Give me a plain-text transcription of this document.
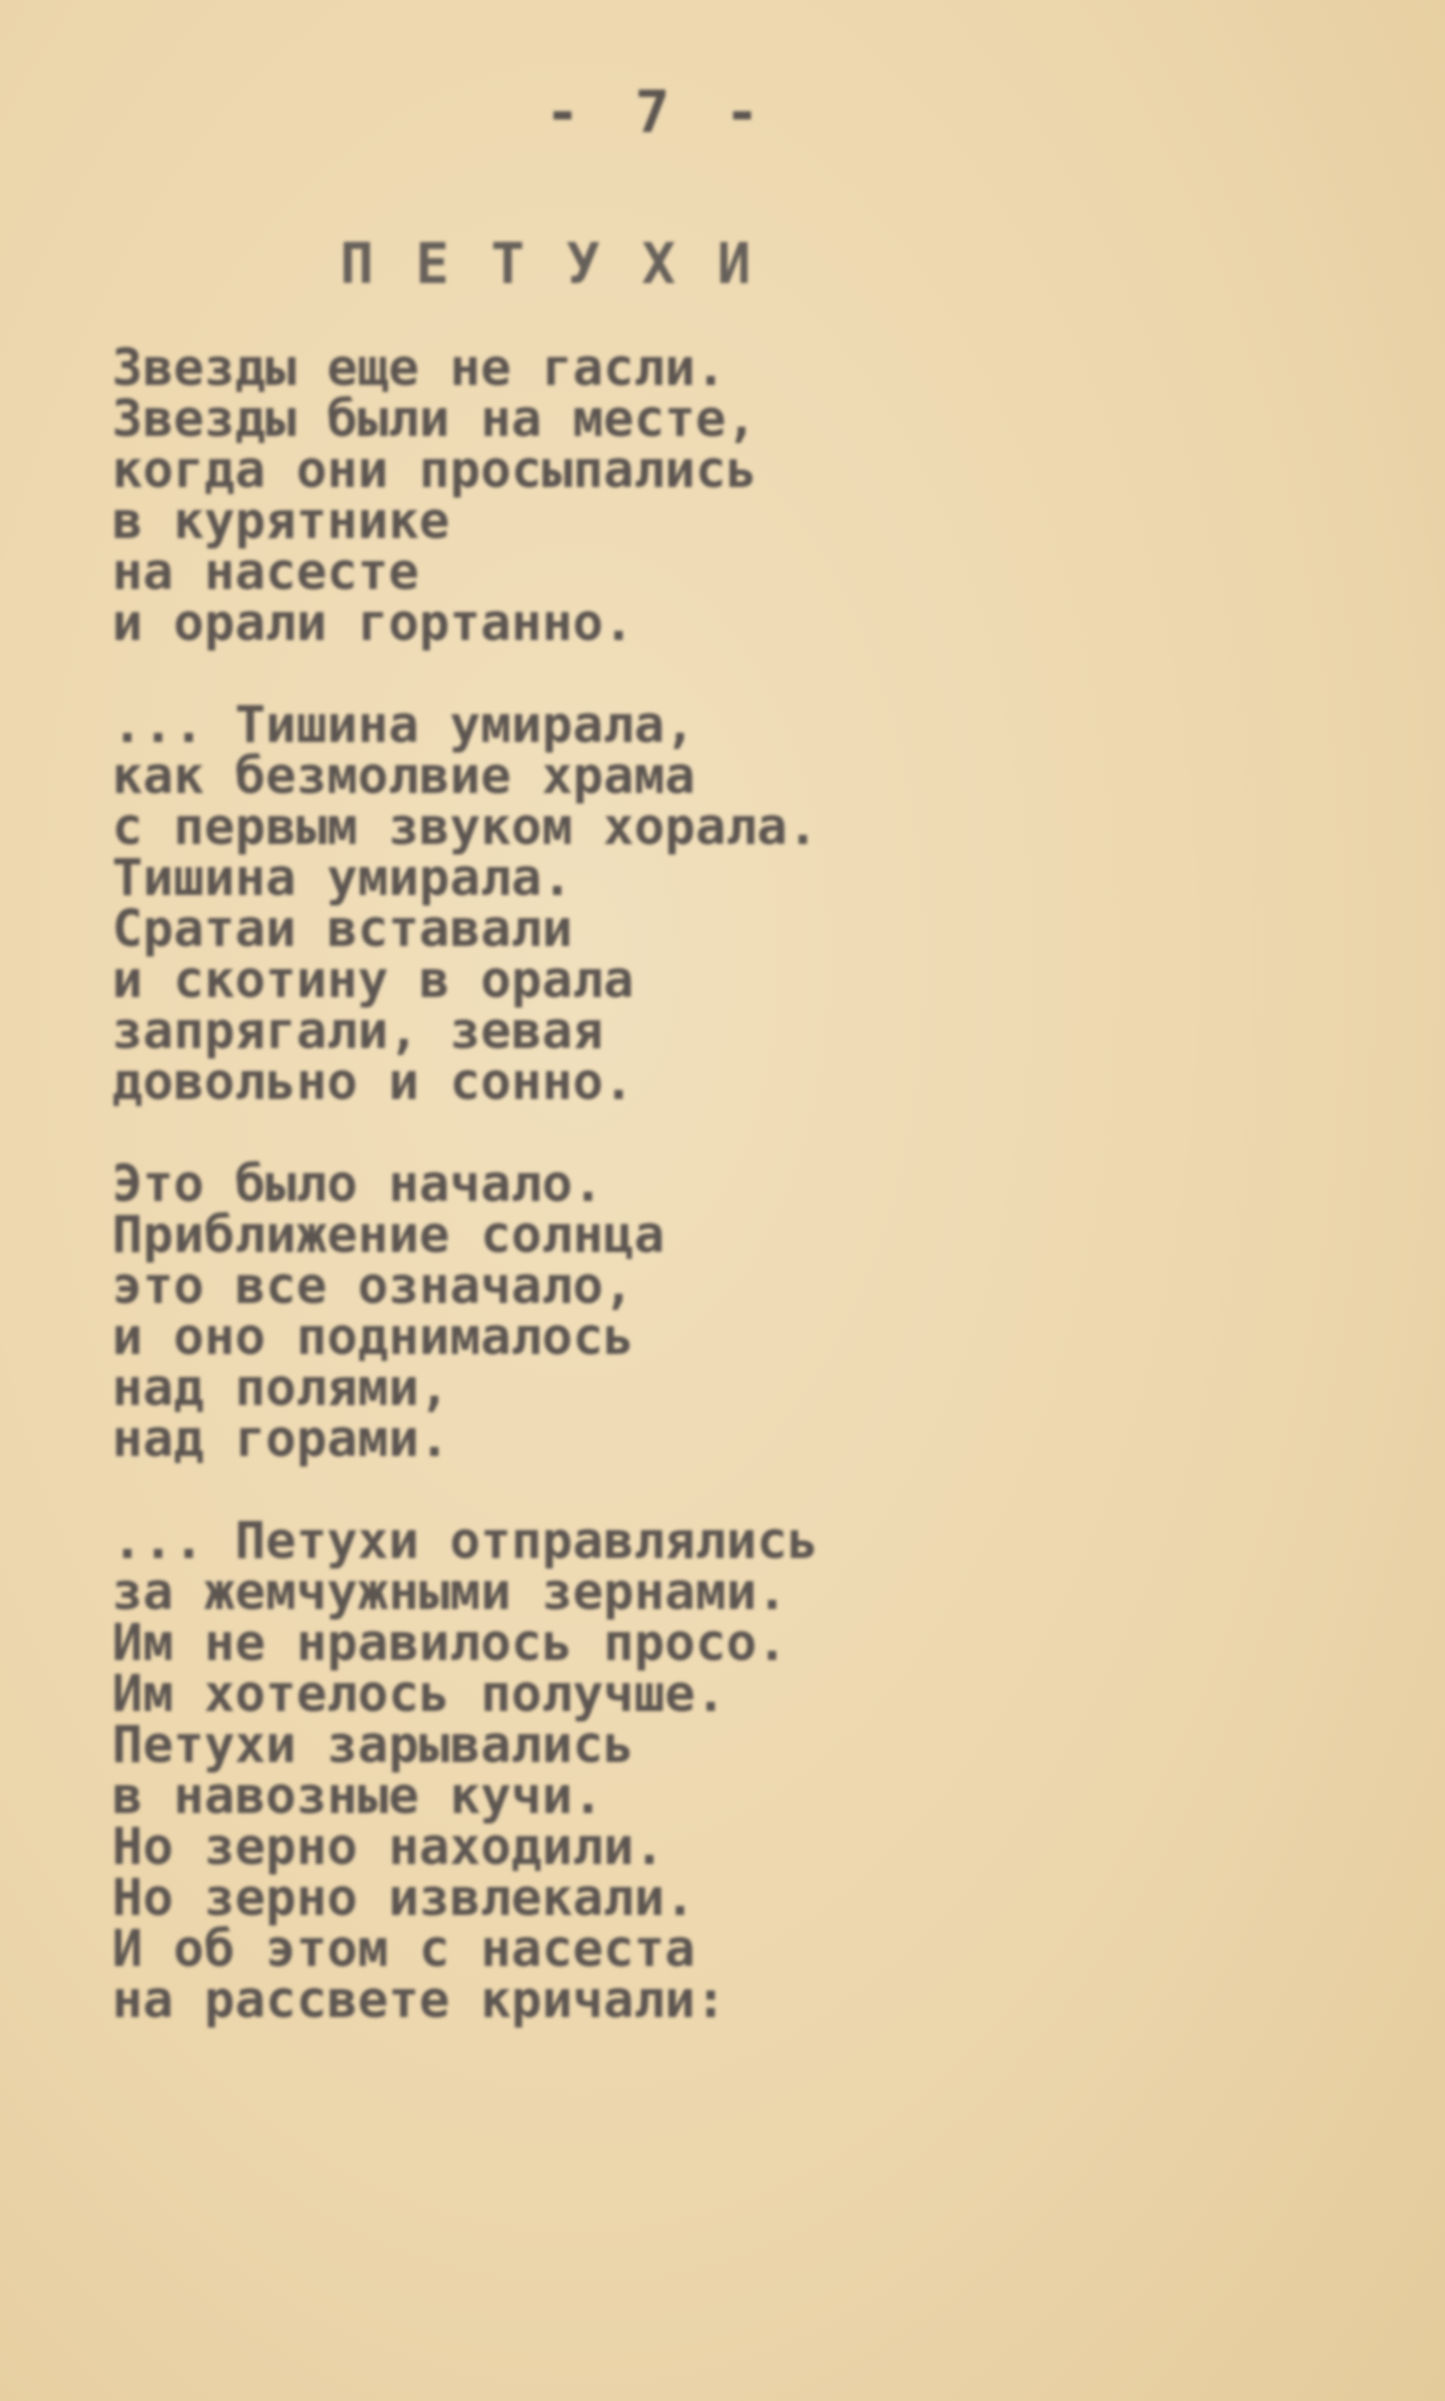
- 7 -
П Е Т У Х И
Звезды еще не гасли.
Звезды были на месте,
когда они просыпались
в курятнике
на насесте
и орали гортанно.
... Тишина умирала,
как безмолвие храма
с первым звуком хорала.
Тишина умирала.
Сратаи вставали
и скотину в орала
запрягали, зевая
довольно и сонно.
Это было начало.
Приближение солнца
это все означало,
и оно поднималось
над полями,
над горами.
... Петухи отправлялись
за жемчужными зернами.
Им не нравилось просо.
Им хотелось получше.
Петухи зарывались
в навозные кучи.
Но зерно находили.
Но зерно извлекали.
И об этом с насеста
на рассвете кричали:
